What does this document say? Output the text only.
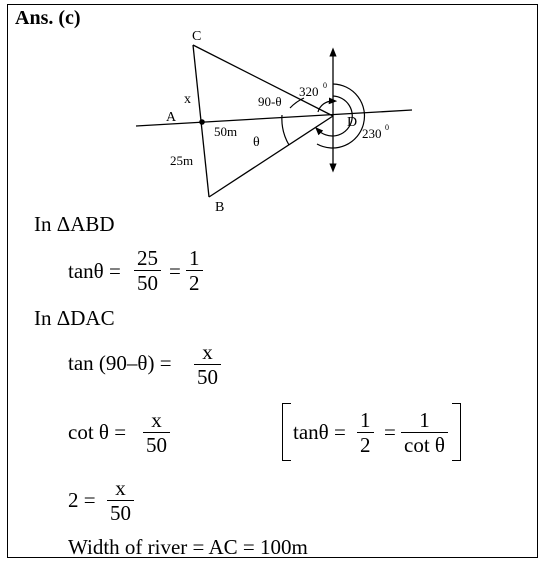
Ans. (c)
C
A
B
D
x	90-θ
50m
θ
25m
320 0
230 0
In ΔABD
tanθ =
25
50 =
1
2
In ΔDAC
tan (90–θ) = x
50
cot θ = x
50
tanθ = 1
2
= 1
cot θ
2 = x
50
Width of river = AC = 100m
